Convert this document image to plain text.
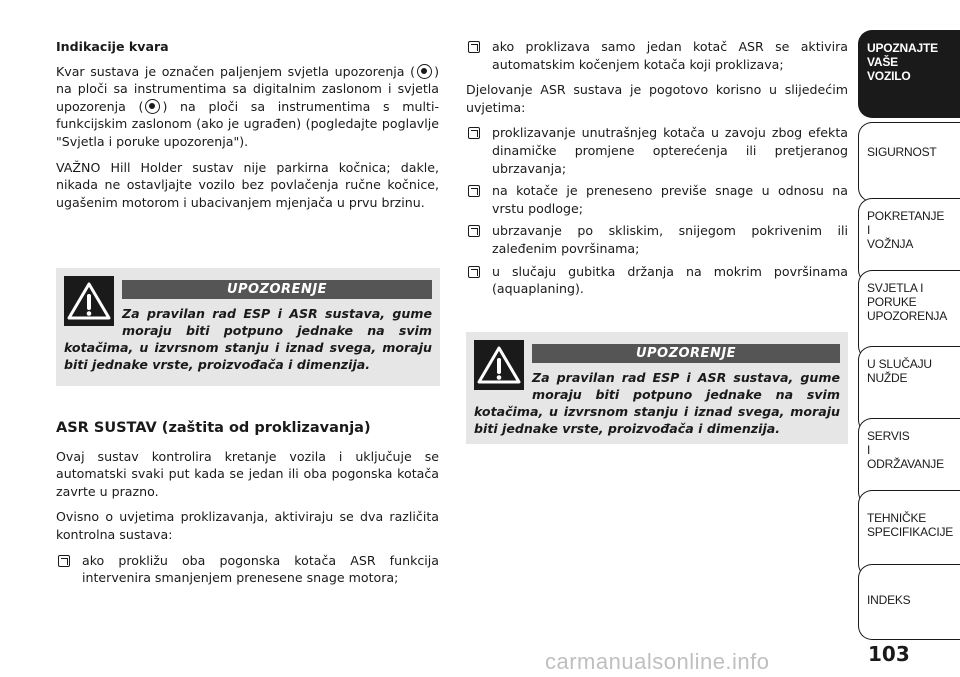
Indikacije kvara

Kvar sustava je označen paljenjem svjetla upozorenja ( ) na ploči sa instrumentima sa digitalnim zaslonom i svjetla upozorenja ( ) na ploči sa instrumentima s multi-funkcijskim zaslonom (ako je ugrađen) (pogledajte poglavlje "Svjetla i poruke upozorenja").

VAŽNO Hill Holder sustav nije parkirna kočnica; dakle, nikada ne ostavljajte vozilo bez povlačenja ručne kočnice, ugašenim motorom i ubacivanjem mjenjača u prvu brzinu.

UPOZORENJE

Za pravilan rad ESP i ASR sustava, gume moraju biti potpuno jednake na svim kotačima, u izvrsnom stanju i iznad svega, moraju biti jednake vrste, proizvođača i dimenzija.

ASR SUSTAV (zaštita od proklizavanja)

Ovaj sustav kontrolira kretanje vozila i uključuje se automatski svaki put kada se jedan ili oba pogonska kotača zavrte u prazno.

Ovisno o uvjetima proklizavanja, aktiviraju se dva različita kontrolna sustava:

ako prokližu oba pogonska kotača ASR funkcija intervenira smanjenjem prenesene snage motora;
ako proklizava samo jedan kotač ASR se aktivira automatskim kočenjem kotača koji proklizava;

Djelovanje ASR sustava je pogotovo korisno u slijedećim uvjetima:

proklizavanje unutrašnjeg kotača u zavoju zbog efekta dinamičke promjene opterećenja ili pretjeranog ubrzavanja;
na kotače je preneseno previše snage u odnosu na vrstu podloge;
ubrzavanje po skliskim, snijegom pokrivenim ili zaleđenim površinama;
u slučaju gubitka držanja na mokrim površinama (aquaplaning).
UPOZORENJE

Za pravilan rad ESP i ASR sustava, gume moraju biti potpuno jednake na svim kotačima, u izvrsnom stanju i iznad svega, moraju biti jednake vrste, proizvođača i dimenzija.

UPOZNAJTE
VAŠE
VOZILO
SIGURNOST
POKRETANJE
I
VOŽNJA
SVJETLA I
PORUKE
UPOZORENJA
U SLUČAJU
NUŽDE
SERVIS
I
ODRŽAVANJE
TEHNIČKE
SPECIFIKACIJE
INDEKS
103
carmanualsonline.info
